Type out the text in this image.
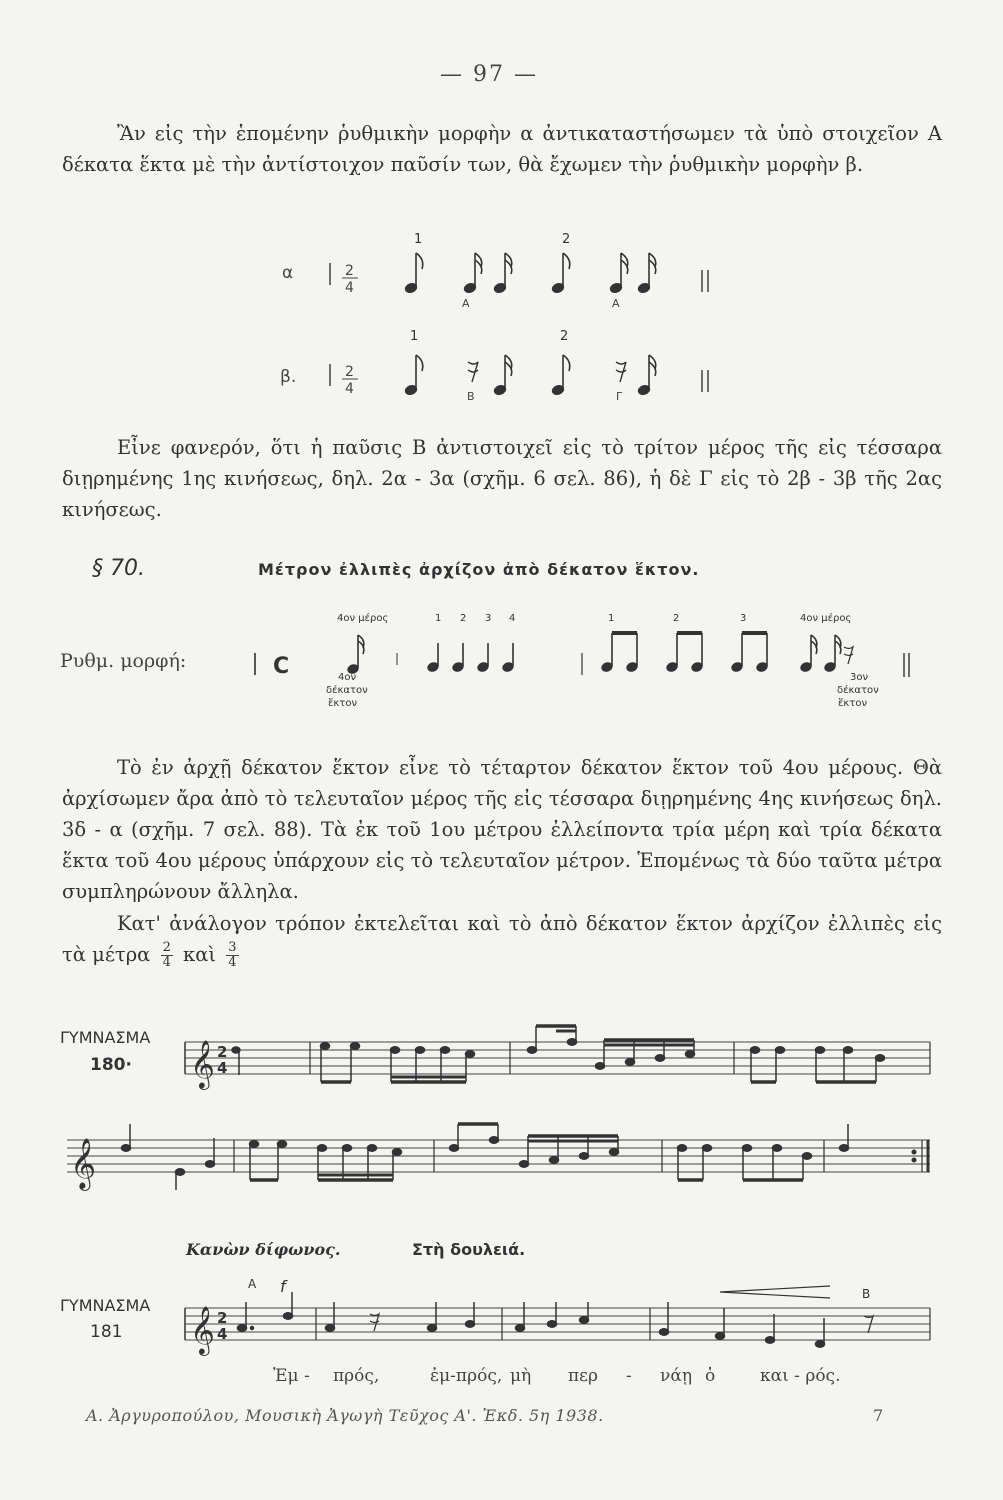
— 97 —
Ἂν εἰς τὴν ἑπομένην ῥυθμικὴν μορφὴν α ἀντικαταστήσωμεν τὰ ὑπὸ στοιχεῖον Α δέκατα ἕκτα μὲ τὴν ἀντίστοιχον παῦσίν των, θὰ ἔχωμεν τὴν ῥυθμικὴν μορφὴν β.
α	2
4
1	2
Α	Α
β.	2
4
1	2
Β	Γ
Εἶνε φανερόν, ὅτι ἡ παῦσις Β ἀντιστοιχεῖ εἰς τὸ τρίτον μέρος τῆς εἰς τέσσαρα διῃρημένης 1ης κινήσεως, δηλ. 2α - 3α (σχῆμ. 6 σελ. 86), ἡ δὲ Γ εἰς τὸ 2β - 3β τῆς 2ας κινήσεως.
§ 70.	Μέτρον ἐλλιπὲς ἀρχίζον ἀπὸ δέκατον ἕκτον.
Ρυθμ. μορφή:	C
4ον μέρος
4ον
δέκατον
ἕκτον
1 2 3 4	1	2	3	4ον μέρος
3ον
δέκατον
ἕκτον
Τὸ ἐν ἀρχῇ δέκατον ἕκτον εἶνε τὸ τέταρτον δέκατον ἕκτον τοῦ 4ου μέρους. Θὰ ἀρχίσωμεν ἄρα ἀπὸ τὸ τελευταῖον μέρος τῆς εἰς τέσσαρα διῃρημένης 4ης κινήσεως δηλ. 3δ - α (σχῆμ. 7 σελ. 88). Τὰ ἐκ τοῦ 1ου μέτρου ἐλλείποντα τρία μέρη καὶ τρία δέκατα ἕκτα τοῦ 4ου μέρους ὑπάρχουν εἰς τὸ τελευταῖον μέτρον. Ἑπομένως τὰ δύο ταῦτα μέτρα συμπληρώνουν ἄλληλα.
Κατ' ἀνάλογον τρόπον ἐκτελεῖται καὶ τὸ ἀπὸ δέκατον ἕκτον ἀρχίζον ἐλλιπὲς εἰς τὰ μέτρα $\frac{2}{4}$ καὶ $\frac{3}{4}$
ΓΥΜΝΑΣΜΑ
180· 𝄞 2
4
𝄞
Κανὼν δίφωνος.	Στὴ δουλειά.
ΓΥΜΝΑΣΜΑ
181
Α f	Β
𝄞 2
4
Ἐμ - πρός,	ἐμ-πρός, μὴ περ - νάῃ ὁ	και - ρός.
Α. Ἀργυροπούλου, Μουσικὴ Ἀγωγὴ Τεῦχος Α'. Ἐκδ. 5η 1938.	7
